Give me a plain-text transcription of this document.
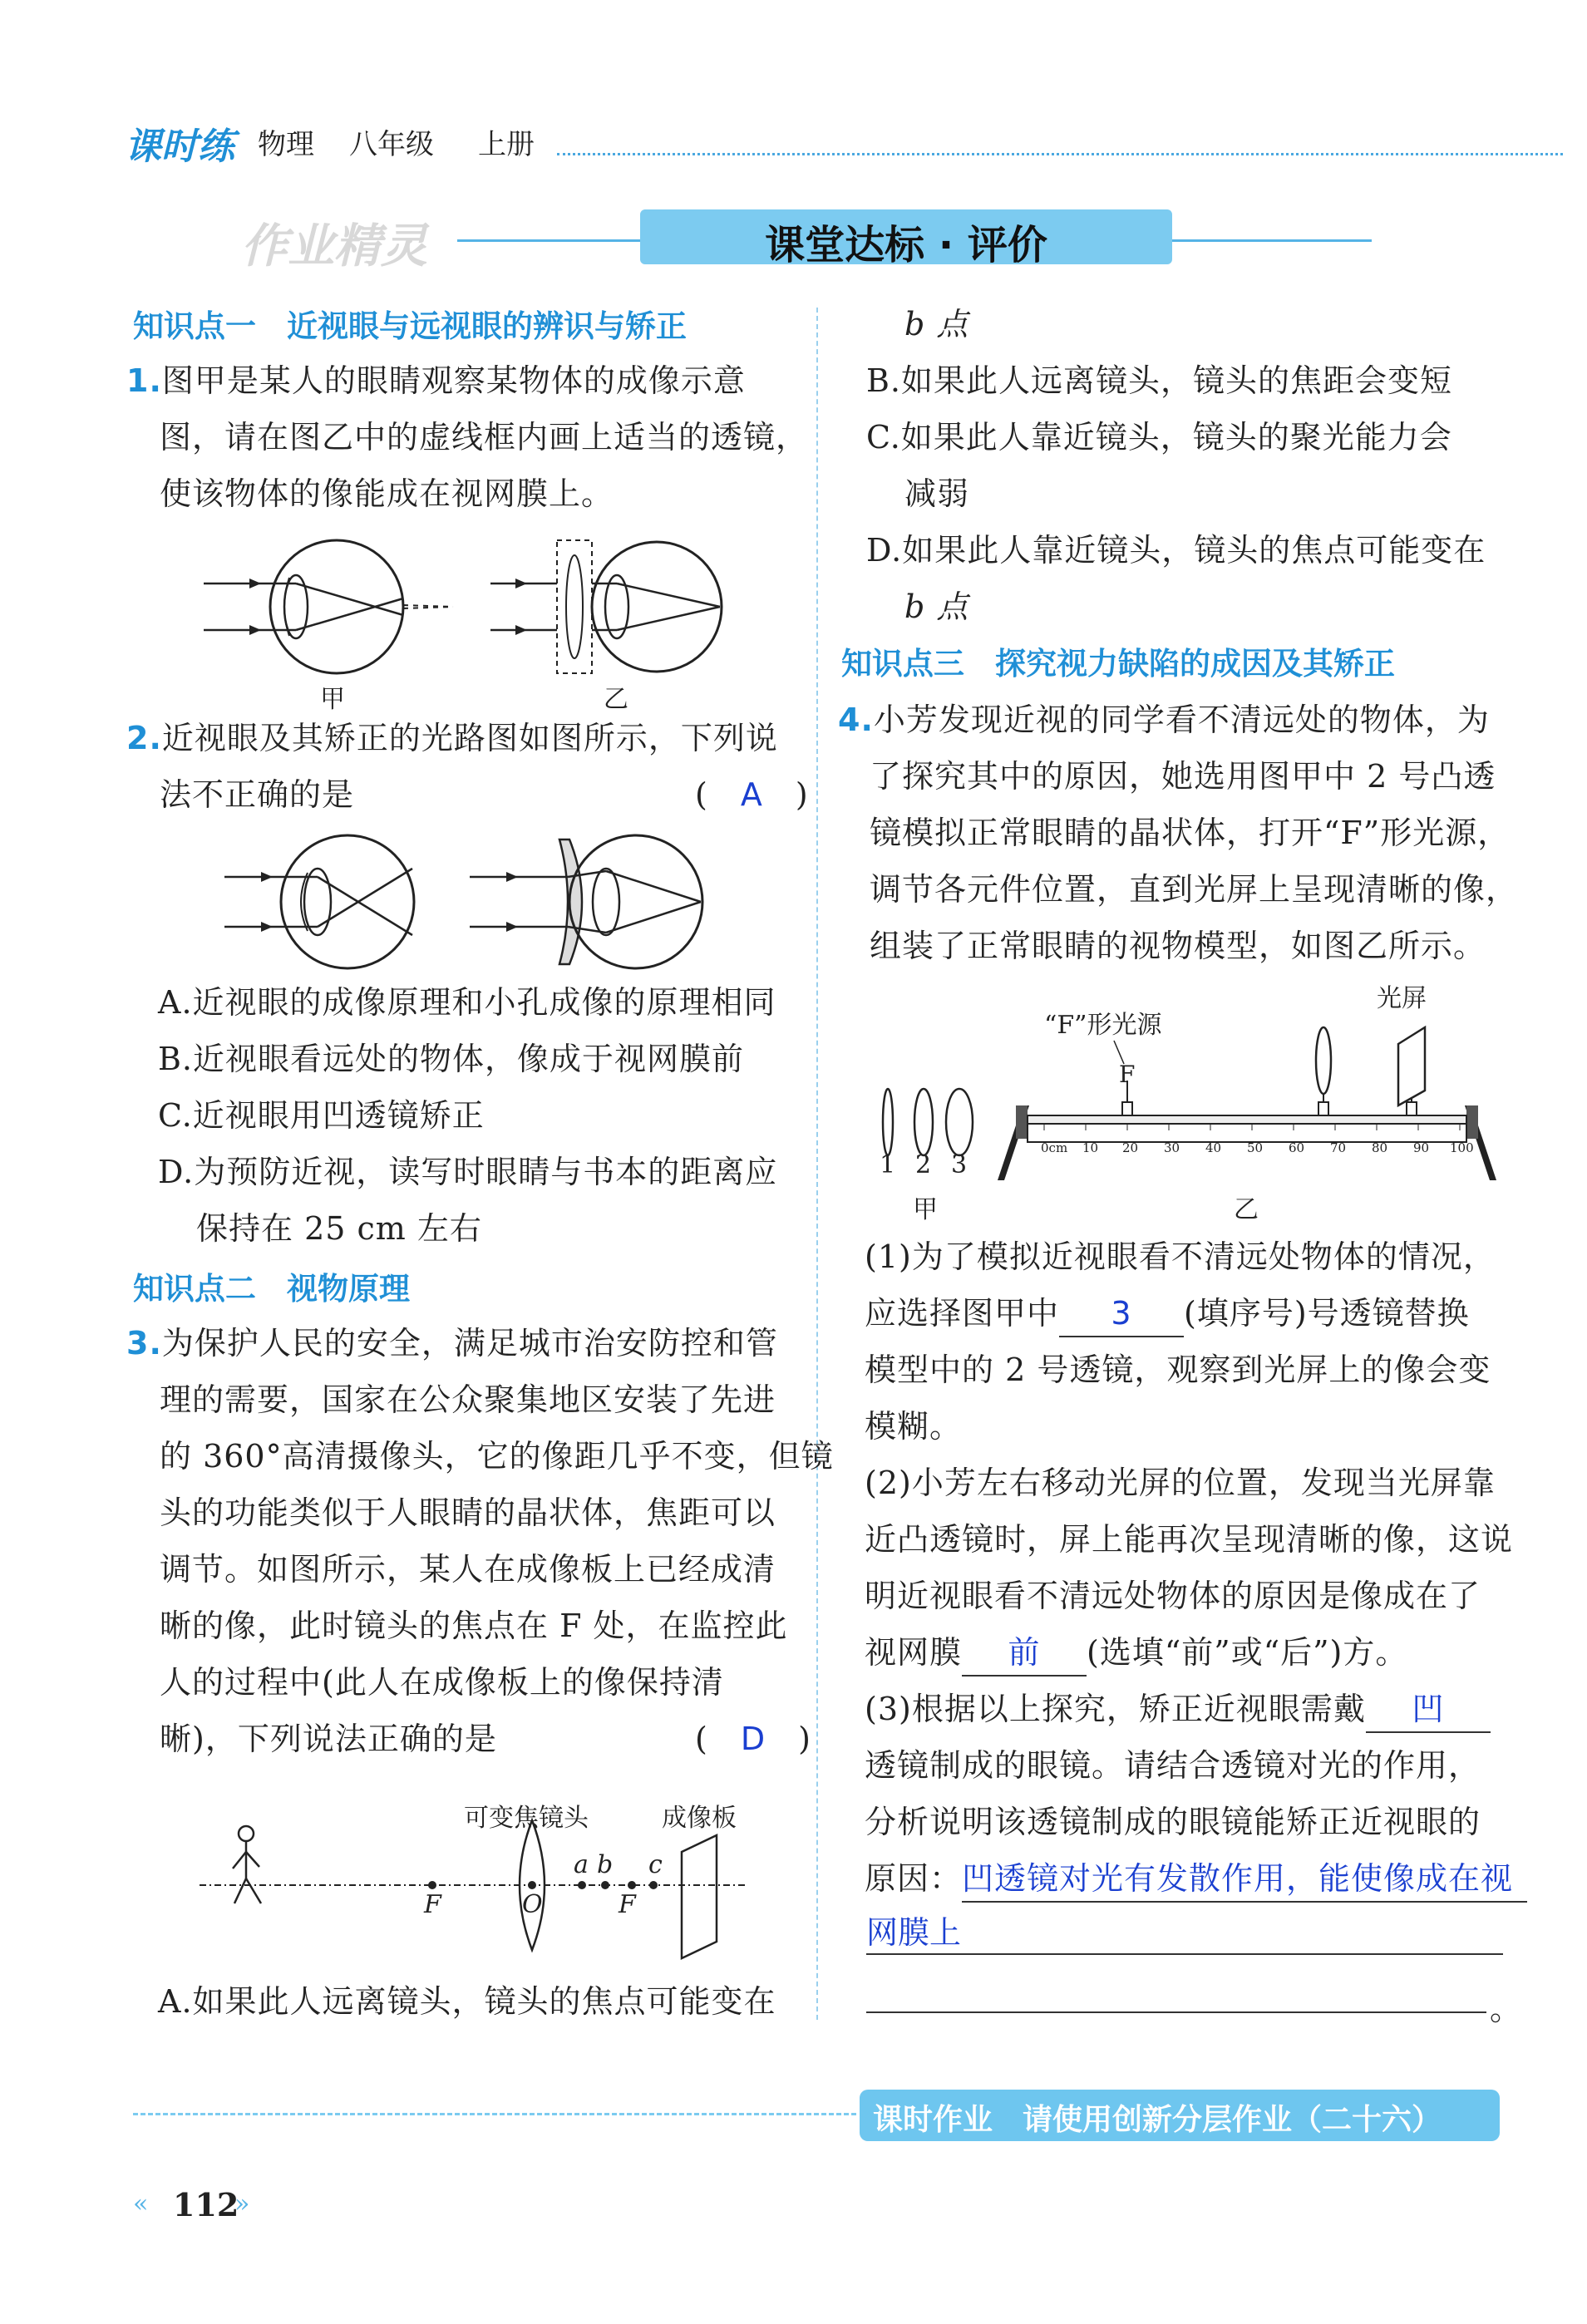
课时练 物理 八年级 上册
作业精灵	课堂达标 · 评价
知识点一　近视眼与远视眼的辨识与矫正
1.图甲是某人的眼睛观察某物体的成像示意
图，请在图乙中的虚线框内画上适当的透镜，
使该物体的像能成在视网膜上。
甲	乙
2.近视眼及其矫正的光路图如图所示，下列说
法不正确的是	(　A　)
A.近视眼的成像原理和小孔成像的原理相同
B.近视眼看远处的物体，像成于视网膜前
C.近视眼用凹透镜矫正
D.为预防近视，读写时眼睛与书本的距离应
保持在 25 cm 左右
知识点二　视物原理
3.为保护人民的安全，满足城市治安防控和管
理的需要，国家在公众聚集地区安装了先进
的 360°高清摄像头，它的像距几乎不变，但镜
头的功能类似于人眼睛的晶状体，焦距可以
调节。如图所示，某人在成像板上已经成清
晰的像，此时镜头的焦点在 F 处，在监控此
人的过程中(此人在成像板上的像保持清
晰)，下列说法正确的是	(　D　)
可变焦镜头	成像板
F	O
a b c
F
A.如果此人远离镜头，镜头的焦点可能变在
b 点
B.如果此人远离镜头，镜头的焦距会变短
C.如果此人靠近镜头，镜头的聚光能力会
减弱
D.如果此人靠近镜头，镜头的焦点可能变在
b 点
知识点三　探究视力缺陷的成因及其矫正
4.小芳发现近视的同学看不清远处的物体，为
了探究其中的原因，她选用图甲中 2 号凸透
镜模拟正常眼睛的晶状体，打开“F”形光源，
调节各元件位置，直到光屏上呈现清晰的像，
组装了正常眼睛的视物模型，如图乙所示。
1 2 3
甲
光屏
“F”形光源
F
乙
0cm 10 20 30 40 50 60 70 80 90 100
(1)为了模拟近视眼看不清远处物体的情况，
应选择图甲中 3 (填序号)号透镜替换
模型中的 2 号透镜，观察到光屏上的像会变
模糊。
(2)小芳左右移动光屏的位置，发现当光屏靠
近凸透镜时，屏上能再次呈现清晰的像，这说
明近视眼看不清远处物体的原因是像成在了
视网膜 前 (选填“前”或“后”)方。
(3)根据以上探究，矫正近视眼需戴 凹
透镜制成的眼镜。请结合透镜对光的作用，
分析说明该透镜制成的眼镜能矫正近视眼的
原因：凹透镜对光有发散作用，能使像成在视
网膜上
。
课时作业　请使用创新分层作业（二十六）
« 112
»
